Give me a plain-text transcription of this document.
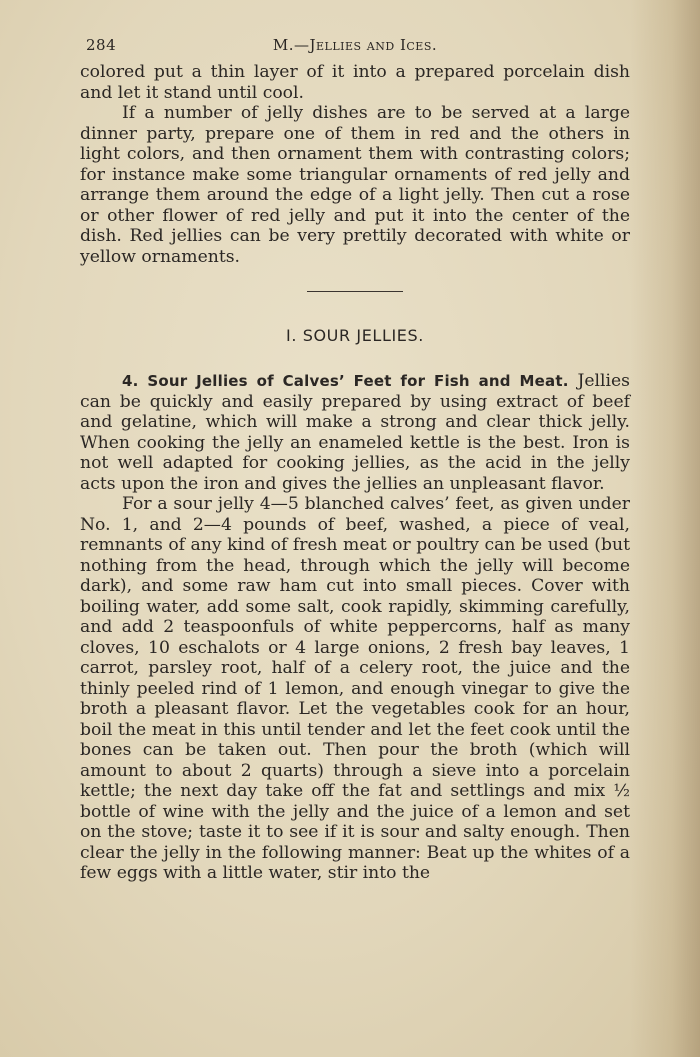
284	M.—Jellies and Ices.

colored put a thin layer of it into a prepared porcelain dish and let it stand until cool.

If a number of jelly dishes are to be served at a large dinner party, prepare one of them in red and the others in light colors, and then ornament them with contrasting colors; for instance make some triangular ornaments of red jelly and arrange them around the edge of a light jelly. Then cut a rose or other flower of red jelly and put it into the center of the dish. Red jellies can be very prettily decorated with white or yellow ornaments.

I. SOUR JELLIES.

4. Sour Jellies of Calves’ Feet for Fish and Meat. Jellies can be quickly and easily prepared by using extract of beef and gelatine, which will make a strong and clear thick jelly. When cooking the jelly an enameled kettle is the best. Iron is not well adapted for cooking jellies, as the acid in the jelly acts upon the iron and gives the jellies an unpleasant flavor.

For a sour jelly 4—5 blanched calves’ feet, as given under No. 1, and 2—4 pounds of beef, washed, a piece of veal, remnants of any kind of fresh meat or poultry can be used (but nothing from the head, through which the jelly will become dark), and some raw ham cut into small pieces. Cover with boiling water, add some salt, cook rapidly, skimming carefully, and add 2 teaspoonfuls of white peppercorns, half as many cloves, 10 eschalots or 4 large onions, 2 fresh bay leaves, 1 carrot, parsley root, half of a celery root, the juice and the thinly peeled rind of 1 lemon, and enough vinegar to give the broth a pleasant flavor. Let the vegetables cook for an hour, boil the meat in this until tender and let the feet cook until the bones can be taken out. Then pour the broth (which will amount to about 2 quarts) through a sieve into a porcelain kettle; the next day take off the fat and settlings and mix ½ bottle of wine with the jelly and the juice of a lemon and set on the stove; taste it to see if it is sour and salty enough. Then clear the jelly in the following manner: Beat up the whites of a few eggs with a little water, stir into the
